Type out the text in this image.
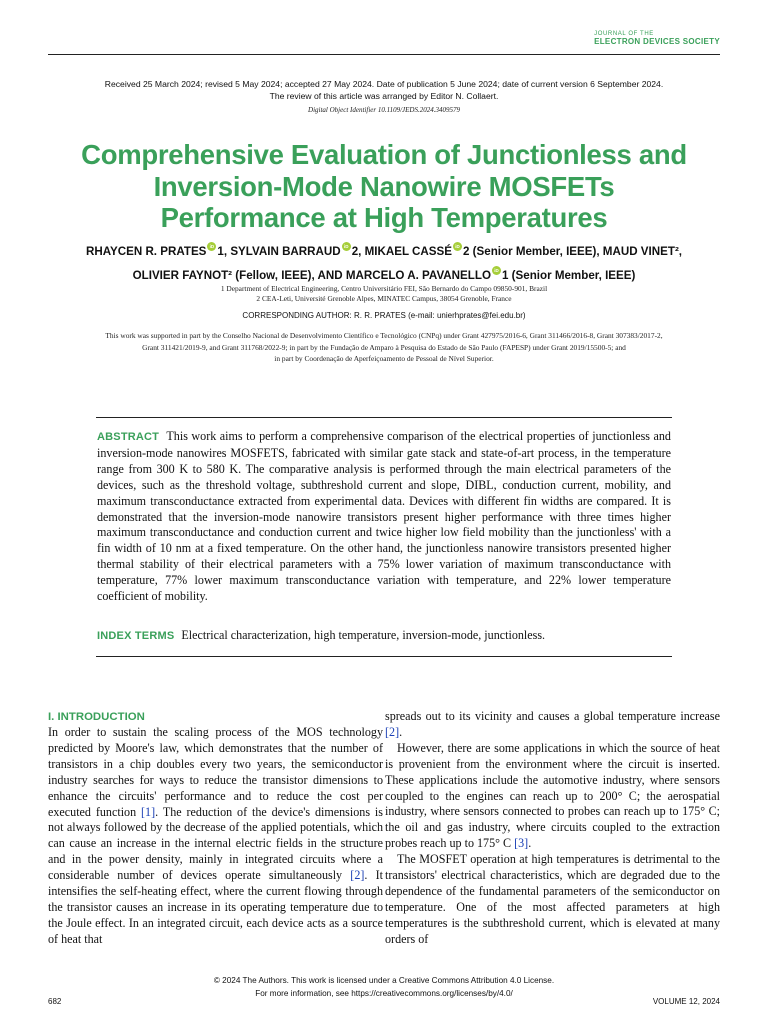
JOURNAL OF THE
ELECTRON DEVICES SOCIETY
Received 25 March 2024; revised 5 May 2024; accepted 27 May 2024. Date of publication 5 June 2024; date of current version 6 September 2024.
The review of this article was arranged by Editor N. Collaert.
Digital Object Identifier 10.1109/JEDS.2024.3409579
Comprehensive Evaluation of Junctionless and
Inversion-Mode Nanowire MOSFETs
Performance at High Temperatures
RHAYCEN R. PRATES iD 1, SYLVAIN BARRAUD iD 2, MIKAEL CASSÉ iD 2 (Senior Member, IEEE), MAUD VINET²,
OLIVIER FAYNOT² (Fellow, IEEE), AND MARCELO A. PAVANELLO iD 1 (Senior Member, IEEE)
1 Department of Electrical Engineering, Centro Universitário FEI, São Bernardo do Campo 09850-901, Brazil
2 CEA-Leti, Université Grenoble Alpes, MINATEC Campus, 38054 Grenoble, France
CORRESPONDING AUTHOR: R. R. PRATES (e-mail: unierhprates@fei.edu.br)
This work was supported in part by the Conselho Nacional de Desenvolvimento Científico e Tecnológico (CNPq) under Grant 427975/2016-6, Grant 311466/2016-8, Grant 307383/2017-2,
Grant 311421/2019-9, and Grant 311768/2022-9; in part by the Fundação de Amparo à Pesquisa do Estado de São Paulo (FAPESP) under Grant 2019/15500-5; and
in part by Coordenação de Aperfeiçoamento de Pessoal de Nível Superior.
ABSTRACT This work aims to perform a comprehensive comparison of the electrical properties of junctionless and inversion-mode nanowires MOSFETS, fabricated with similar gate stack and state-of-art process, in the temperature range from 300 K to 580 K. The comparative analysis is performed through the main electrical parameters of the devices, such as the threshold voltage, subthreshold current and slope, DIBL, conduction current, mobility, and maximum transconductance extracted from experimental data. Devices with different fin widths are compared. It is demonstrated that the inversion-mode nanowire transistors present higher performance with three times higher maximum transconductance and conduction current and twice higher low field mobility than the junctionless' with a fin width of 10 nm at a fixed temperature. On the other hand, the junctionless nanowire transistors presented higher thermal stability of their electrical parameters with a 75% lower variation of maximum transconductance with temperature, 77% lower maximum transconductance variation with temperature, and 22% lower temperature coefficient of mobility.
INDEX TERMS Electrical characterization, high temperature, inversion-mode, junctionless.
I. INTRODUCTION

In order to sustain the scaling process of the MOS technology predicted by Moore's law, which demonstrates that the number of transistors in a chip doubles every two years, the semiconductor industry searches for ways to reduce the transistor dimensions to enhance the circuits' performance and to reduce the cost per executed function [1]. The reduction of the device's dimensions is not always followed by the decrease of the applied potentials, which can cause an increase in the internal electric fields in the structure and in the power density, mainly in integrated circuits where a considerable number of devices operate simultaneously [2]. It intensifies the self-heating effect, where the current flowing through the transistor causes an increase in its operating temperature due to the Joule effect. In an integrated circuit, each device acts as a source of heat that

spreads out to its vicinity and causes a global temperature increase [2].

However, there are some applications in which the source of heat is provenient from the environment where the circuit is inserted. These applications include the automotive industry, where sensors coupled to the engines can reach up to 200° C; the aerospatial industry, where sensors connected to probes can reach up to 175° C; the oil and gas industry, where circuits coupled to the extraction probes reach up to 175° C [3].

The MOSFET operation at high temperatures is detrimental to the transistors' electrical characteristics, which are degraded due to the dependence of the fundamental parameters of the semiconductor on temperature. One of the most affected parameters at high temperatures is the subthreshold current, which is elevated at many orders of

© 2024 The Authors. This work is licensed under a Creative Commons Attribution 4.0 License.
For more information, see https://creativecommons.org/licenses/by/4.0/
682	VOLUME 12, 2024
